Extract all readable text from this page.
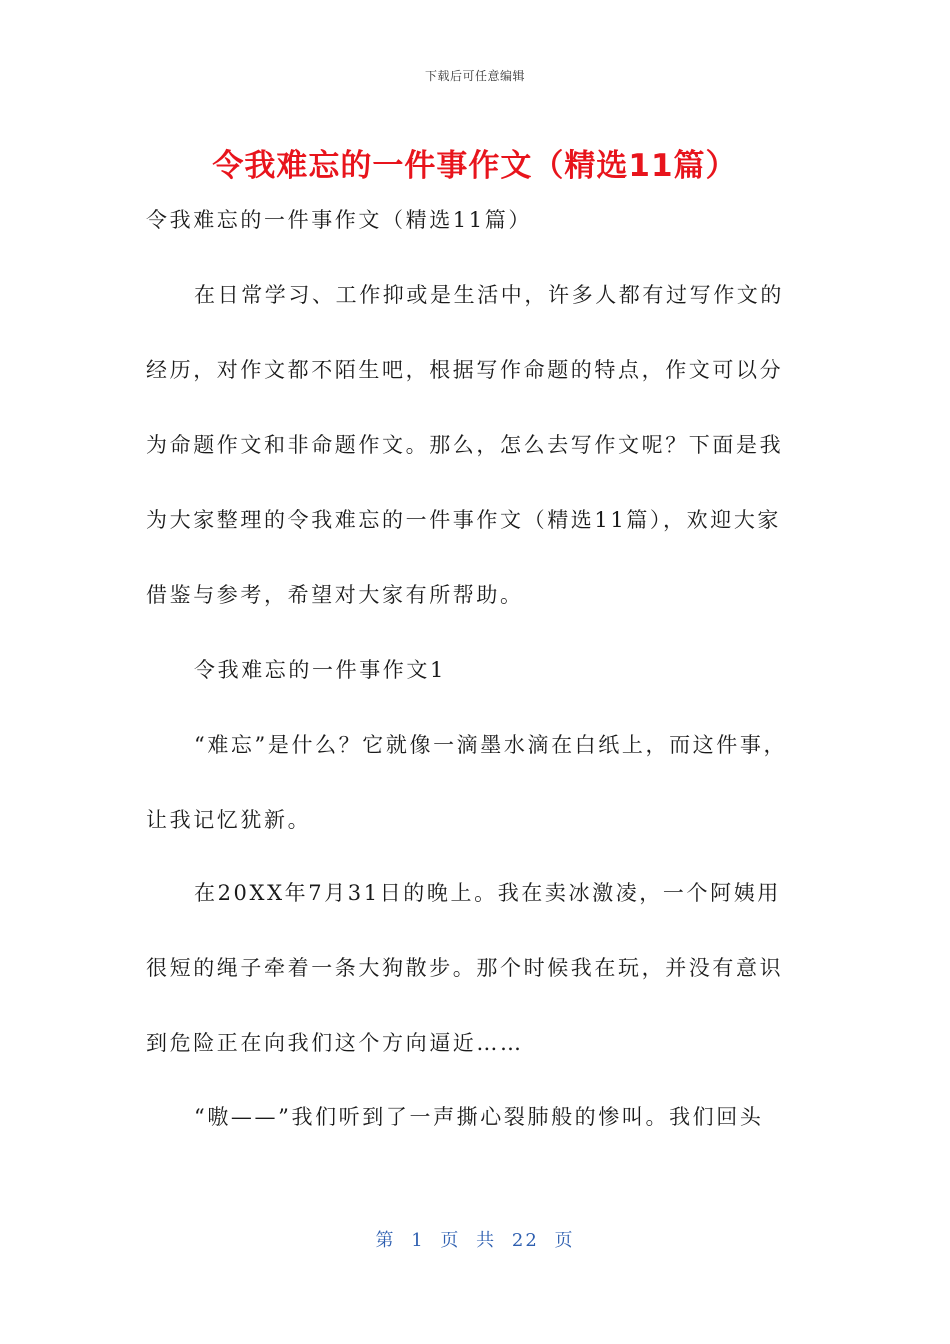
下载后可任意编辑
令我难忘的一件事作文（精选11篇）
令我难忘的一件事作文（精选11篇）
在日常学习、工作抑或是生活中，许多人都有过写作文的
经历，对作文都不陌生吧，根据写作命题的特点，作文可以分
为命题作文和非命题作文。那么，怎么去写作文呢？下面是我
为大家整理的令我难忘的一件事作文（精选11篇），欢迎大家
借鉴与参考，希望对大家有所帮助。
令我难忘的一件事作文1
“难忘”是什么？它就像一滴墨水滴在白纸上，而这件事，
让我记忆犹新。
在20XX年7月31日的晚上。我在卖冰激凌，一个阿姨用
很短的绳子牵着一条大狗散步。那个时候我在玩，并没有意识
到危险正在向我们这个方向逼近……
“嗷——”我们听到了一声撕心裂肺般的惨叫。我们回头
第 1 页 共 22 页
